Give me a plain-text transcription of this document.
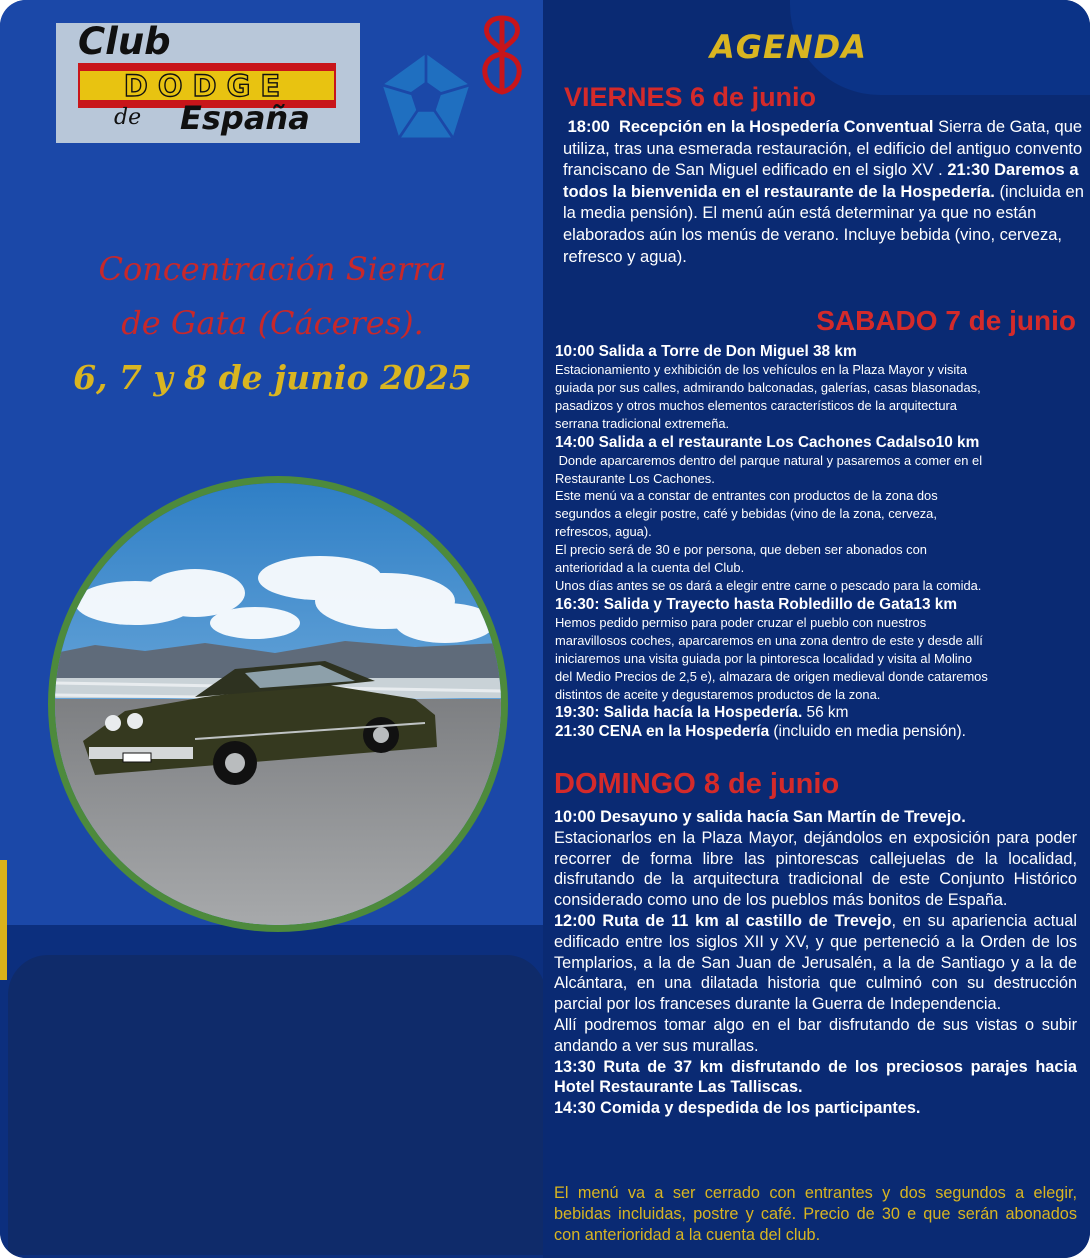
Club
DODGE
de España
Concentración Sierra
de Gata (Cáceres).
6, 7 y 8 de junio 2025
AGENDA
VIERNES 6 de junio
18:00 Recepción en la Hospedería Conventual Sierra de Gata, que utiliza, tras una esmerada restauración, el edificio del antiguo convento franciscano de San Miguel edificado en el siglo XV . 21:30 Daremos a todos la bienvenida en el restaurante de la Hospedería. (incluida en la media pensión). El menú aún está determinar ya que no están elaborados aún los menús de verano. Incluye bebida (vino, cerveza, refresco y agua).
SABADO 7 de junio
10:00 Salida a Torre de Don Miguel 38 km
Estacionamiento y exhibición de los vehículos en la Plaza Mayor y visita
guiada por sus calles, admirando balconadas, galerías, casas blasonadas,
pasadizos y otros muchos elementos característicos de la arquitectura
serrana tradicional extremeña.
14:00 Salida a el restaurante Los Cachones Cadalso10 km
Donde aparcaremos dentro del parque natural y pasaremos a comer en el
Restaurante Los Cachones.
Este menú va a constar de entrantes con productos de la zona dos
segundos a elegir postre, café y bebidas (vino de la zona, cerveza,
refrescos, agua).
El precio será de 30 e por persona, que deben ser abonados con
anterioridad a la cuenta del Club.
Unos días antes se os dará a elegir entre carne o pescado para la comida.
16:30: Salida y Trayecto hasta Robledillo de Gata13 km
Hemos pedido permiso para poder cruzar el pueblo con nuestros
maravillosos coches, aparcaremos en una zona dentro de este y desde allí
iniciaremos una visita guiada por la pintoresca localidad y visita al Molino
del Medio Precios de 2,5 e), almazara de origen medieval donde cataremos
distintos de aceite y degustaremos productos de la zona.
19:30: Salida hacía la Hospedería. 56 km
21:30 CENA en la Hospedería (incluido en media pensión).
DOMINGO 8 de junio

10:00 Desayuno y salida hacía San Martín de Trevejo.

Estacionarlos en la Plaza Mayor, dejándolos en exposición para poder recorrer de forma libre las pintorescas callejuelas de la localidad, disfrutando de la arquitectura tradicional de este Conjunto Histórico considerado como uno de los pueblos más bonitos de España.

12:00 Ruta de 11 km al castillo de Trevejo, en su apariencia actual edificado entre los siglos XII y XV, y que perteneció a la Orden de los Templarios, a la de San Juan de Jerusalén, a la de Santiago y a la de Alcántara, en una dilatada historia que culminó con su destrucción parcial por los franceses durante la Guerra de Independencia.

Allí podremos tomar algo en el bar disfrutando de sus vistas o subir andando a ver sus murallas.

13:30 Ruta de 37 km disfrutando de los preciosos parajes hacia Hotel Restaurante Las Talliscas.

14:30 Comida y despedida de los participantes.

El menú va a ser cerrado con entrantes y dos segundos a elegir, bebidas incluidas, postre y café. Precio de 30 e que serán abonados con anterioridad a la cuenta del club.
